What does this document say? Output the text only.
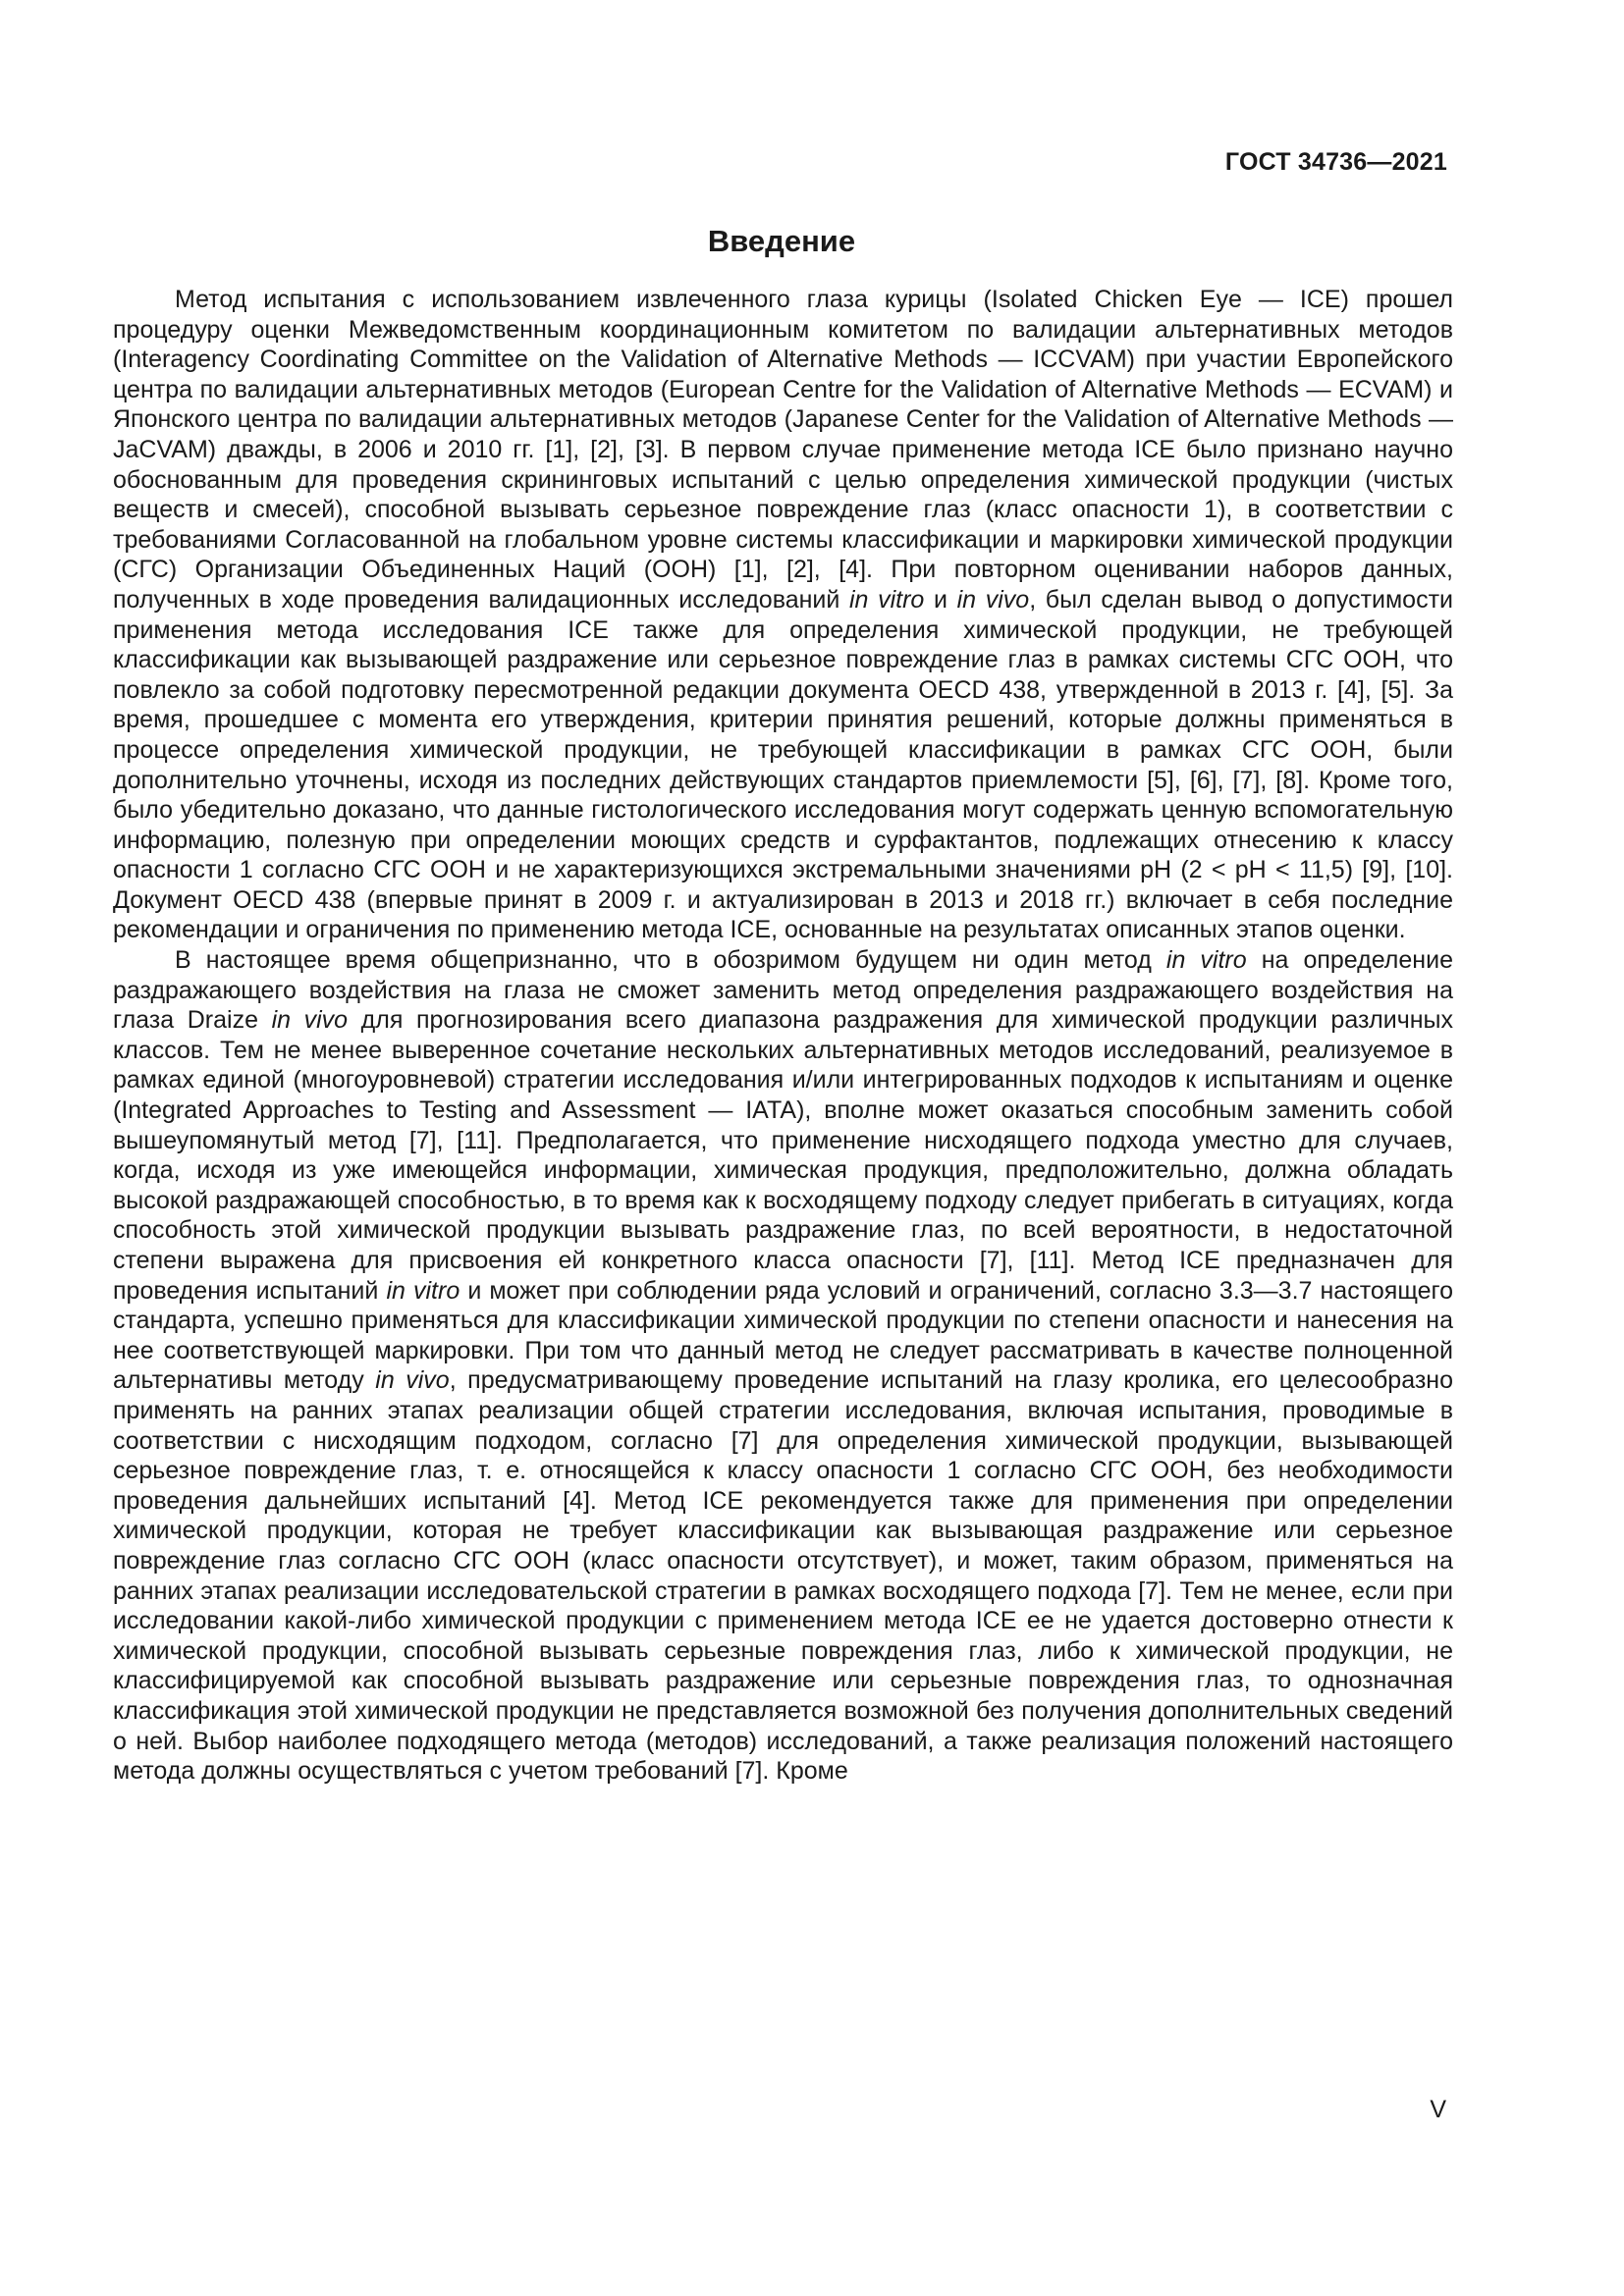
ГОСТ 34736—2021
Введение

Метод испытания с использованием извлеченного глаза курицы (Isolated Chicken Eye — ICE) прошел процедуру оценки Межведомственным координационным комитетом по валидации альтернативных методов (Interagency Coordinating Committee on the Validation of Alternative Methods — ICCVAM) при участии Европейского центра по валидации альтернативных методов (European Centre for the Validation of Alternative Methods — ECVAM) и Японского центра по валидации альтернативных методов (Japanese Center for the Validation of Alternative Methods — JaCVAM) дважды, в 2006 и 2010 гг. [1], [2], [3]. В первом случае применение метода ICE было признано научно обоснованным для проведения скрининговых испытаний с целью определения химической продукции (чистых веществ и смесей), способной вызывать серьезное повреждение глаз (класс опасности 1), в соответствии с требованиями Согласованной на глобальном уровне системы классификации и маркировки химической продукции (СГС) Организации Объединенных Наций (ООН) [1], [2], [4]. При повторном оценивании наборов данных, полученных в ходе проведения валидационных исследований in vitro и in vivo, был сделан вывод о допустимости применения метода исследования ICE также для определения химической продукции, не требующей классификации как вызывающей раздражение или серьезное повреждение глаз в рамках системы СГС ООН, что повлекло за собой подготовку пересмотренной редакции документа OECD 438, утвержденной в 2013 г. [4], [5]. За время, прошедшее с момента его утверждения, критерии принятия решений, которые должны применяться в процессе определения химической продукции, не требующей классификации в рамках СГС ООН, были дополнительно уточнены, исходя из последних действующих стандартов приемлемости [5], [6], [7], [8]. Кроме того, было убедительно доказано, что данные гистологического исследования могут содержать ценную вспомогательную информацию, полезную при определении моющих средств и сурфактантов, подлежащих отнесению к классу опасности 1 согласно СГС ООН и не характеризующихся экстремальными значениями pH (2 < pH < 11,5) [9], [10]. Документ OECD 438 (впервые принят в 2009 г. и актуализирован в 2013 и 2018 гг.) включает в себя последние рекомендации и ограничения по применению метода ICE, основанные на результатах описанных этапов оценки.

В настоящее время общепризнанно, что в обозримом будущем ни один метод in vitro на определение раздражающего воздействия на глаза не сможет заменить метод определения раздражающего воздействия на глаза Draize in vivo для прогнозирования всего диапазона раздражения для химической продукции различных классов. Тем не менее выверенное сочетание нескольких альтернативных методов исследований, реализуемое в рамках единой (многоуровневой) стратегии исследования и/или интегрированных подходов к испытаниям и оценке (Integrated Approaches to Testing and Assessment — IATA), вполне может оказаться способным заменить собой вышеупомянутый метод [7], [11]. Предполагается, что применение нисходящего подхода уместно для случаев, когда, исходя из уже имеющейся информации, химическая продукция, предположительно, должна обладать высокой раздражающей способностью, в то время как к восходящему подходу следует прибегать в ситуациях, когда способность этой химической продукции вызывать раздражение глаз, по всей вероятности, в недостаточной степени выражена для присвоения ей конкретного класса опасности [7], [11]. Метод ICE предназначен для проведения испытаний in vitro и может при соблюдении ряда условий и ограничений, согласно 3.3—3.7 настоящего стандарта, успешно применяться для классификации химической продукции по степени опасности и нанесения на нее соответствующей маркировки. При том что данный метод не следует рассматривать в качестве полноценной альтернативы методу in vivo, предусматривающему проведение испытаний на глазу кролика, его целесообразно применять на ранних этапах реализации общей стратегии исследования, включая испытания, проводимые в соответствии с нисходящим подходом, согласно [7] для определения химической продукции, вызывающей серьезное повреждение глаз, т. е. относящейся к классу опасности 1 согласно СГС ООН, без необходимости проведения дальнейших испытаний [4]. Метод ICE рекомендуется также для применения при определении химической продукции, которая не требует классификации как вызывающая раздражение или серьезное повреждение глаз согласно СГС ООН (класс опасности отсутствует), и может, таким образом, применяться на ранних этапах реализации исследовательской стратегии в рамках восходящего подхода [7]. Тем не менее, если при исследовании какой-либо химической продукции с применением метода ICE ее не удается достоверно отнести к химической продукции, способной вызывать серьезные повреждения глаз, либо к химической продукции, не классифицируемой как способной вызывать раздражение или серьезные повреждения глаз, то однозначная классификация этой химической продукции не представляется возможной без получения дополнительных сведений о ней. Выбор наиболее подходящего метода (методов) исследований, а также реализация положений настоящего метода должны осуществляться с учетом требований [7]. Кроме

V
